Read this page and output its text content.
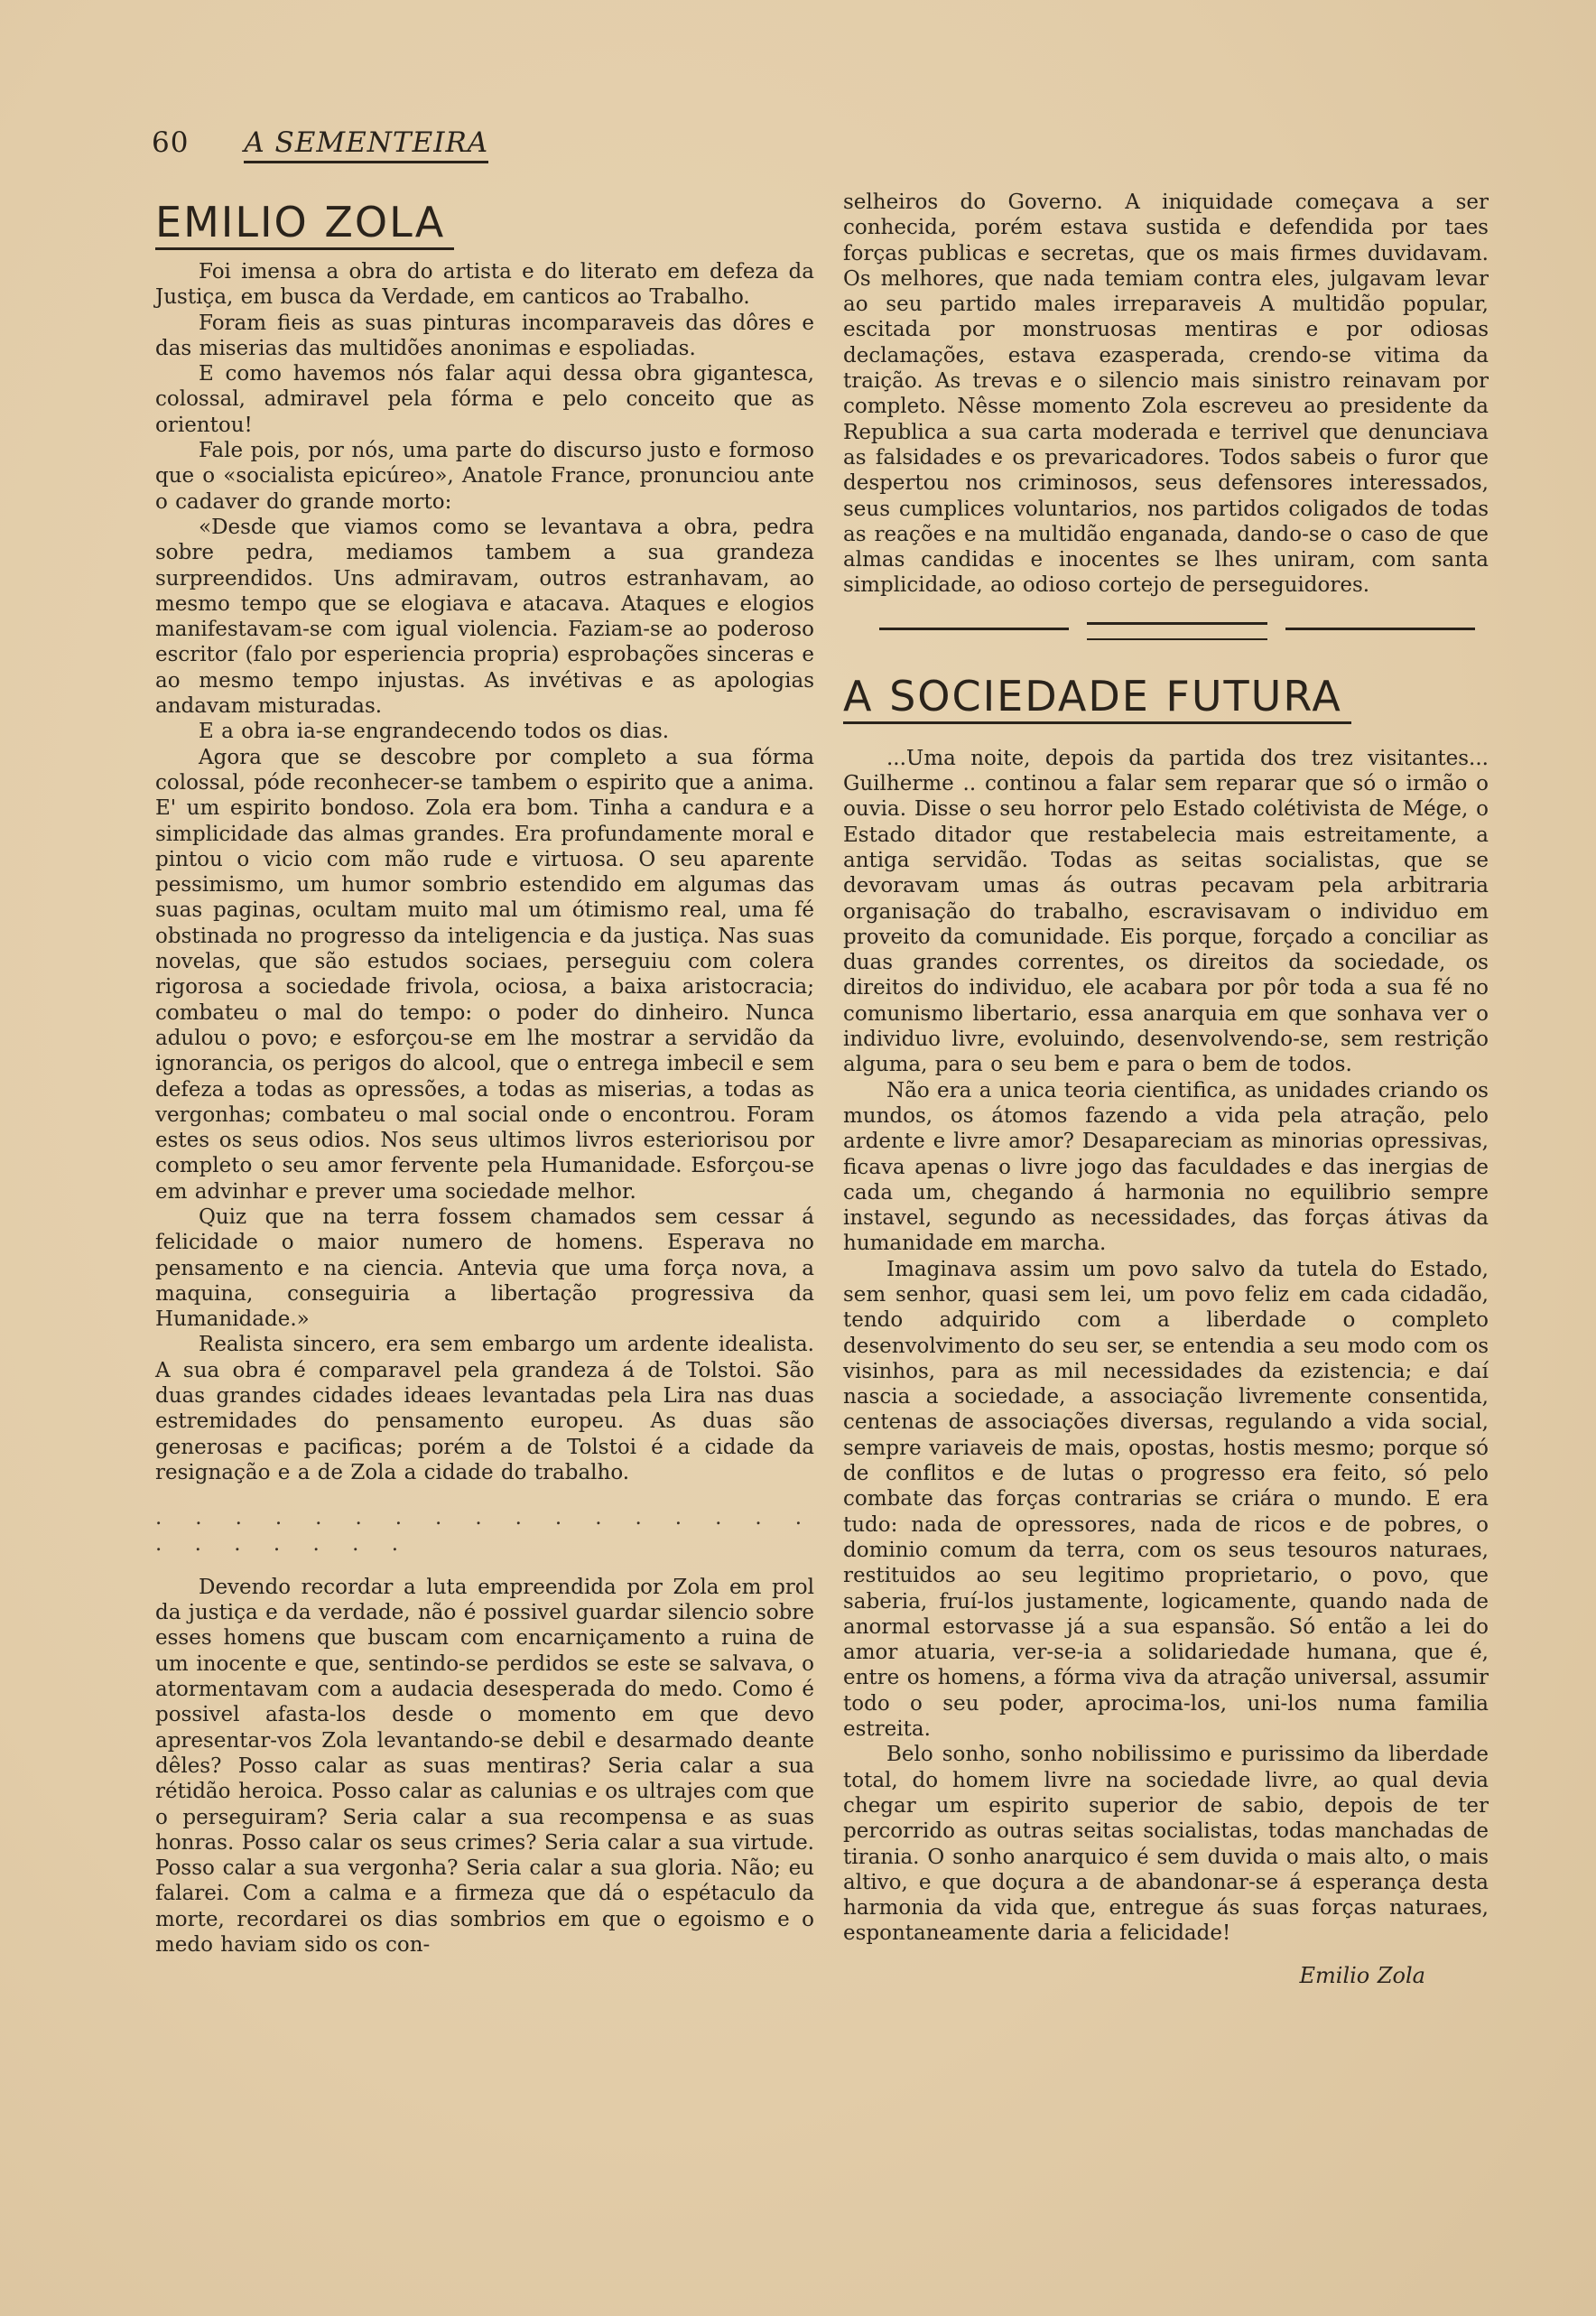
60 A SEMENTEIRA
EMILIO ZOLA

Foi imensa a obra do artista e do literato em defeza da Justiça, em busca da Verdade, em canticos ao Trabalho.

Foram fieis as suas pinturas incomparaveis das dôres e das miserias das multidões anonimas e espoliadas.

E como havemos nós falar aqui dessa obra gigantesca, colossal, admiravel pela fórma e pelo conceito que as orientou!

Fale pois, por nós, uma parte do discurso justo e formoso que o «socialista epicúreo», Anatole France, pronunciou ante o cadaver do grande morto:

«Desde que viamos como se levantava a obra, pedra sobre pedra, mediamos tambem a sua grandeza surpreendidos. Uns admiravam, outros estranhavam, ao mesmo tempo que se elogiava e atacava. Ataques e elogios manifestavam-se com igual violencia. Faziam-se ao poderoso escritor (falo por esperiencia propria) esprobações sinceras e ao mesmo tempo injustas. As invétivas e as apologias andavam misturadas.

E a obra ia-se engrandecendo todos os dias.

Agora que se descobre por completo a sua fórma colossal, póde reconhecer-se tambem o espirito que a anima. E' um espirito bondoso. Zola era bom. Tinha a candura e a simplicidade das almas grandes. Era profundamente moral e pintou o vicio com mão rude e virtuosa. O seu aparente pessimismo, um humor sombrio estendido em algumas das suas paginas, ocultam muito mal um ótimismo real, uma fé obstinada no progresso da inteligencia e da justiça. Nas suas novelas, que são estudos sociaes, perseguiu com colera rigorosa a sociedade frivola, ociosa, a baixa aristocracia; combateu o mal do tempo: o poder do dinheiro. Nunca adulou o povo; e esforçou-se em lhe mostrar a servidão da ignorancia, os perigos do alcool, que o entrega imbecil e sem defeza a todas as opressões, a todas as miserias, a todas as vergonhas; combateu o mal social onde o encontrou. Foram estes os seus odios. Nos seus ultimos livros esteriorisou por completo o seu amor fervente pela Humanidade. Esforçou-se em advinhar e prever uma sociedade melhor.

Quiz que na terra fossem chamados sem cessar á felicidade o maior numero de homens. Esperava no pensamento e na ciencia. Antevia que uma força nova, a maquina, conseguiria a libertação progressiva da Humanidade.»

Realista sincero, era sem embargo um ardente idealista. A sua obra é comparavel pela grandeza á de Tolstoi. São duas grandes cidades ideaes levantadas pela Lira nas duas estremidades do pensamento europeu. As duas são generosas e pacificas; porém a de Tolstoi é a cidade da resignação e a de Zola a cidade do trabalho.

. . . . . . . . . . . . . . . . . . . . . . . .

Devendo recordar a luta empreendida por Zola em prol da justiça e da verdade, não é possivel guardar silencio sobre esses homens que buscam com encarniçamento a ruina de um inocente e que, sentindo-se perdidos se este se salvava, o atormentavam com a audacia desesperada do medo. Como é possivel afasta-los desde o momento em que devo apresentar-vos Zola levantando-se debil e desarmado deante dêles? Posso calar as suas mentiras? Seria calar a sua rétidão heroica. Posso calar as calunias e os ultrajes com que o perseguiram? Seria calar a sua recompensa e as suas honras. Posso calar os seus crimes? Seria calar a sua virtude. Posso calar a sua vergonha? Seria calar a sua gloria. Não; eu falarei. Com a calma e a firmeza que dá o espétaculo da morte, recordarei os dias sombrios em que o egoismo e o medo haviam sido os con-

selheiros do Governo. A iniquidade começava a ser conhecida, porém estava sustida e defendida por taes forças publicas e secretas, que os mais firmes duvidavam. Os melhores, que nada temiam contra eles, julgavam levar ao seu partido males irreparaveis A multidão popular, escitada por monstruosas mentiras e por odiosas declamações, estava ezasperada, crendo-se vitima da traição. As trevas e o silencio mais sinistro reinavam por completo. Nêsse momento Zola escreveu ao presidente da Republica a sua carta moderada e terrivel que denunciava as falsidades e os prevaricadores. Todos sabeis o furor que despertou nos criminosos, seus defensores interessados, seus cumplices voluntarios, nos partidos coligados de todas as reações e na multidão enganada, dando-se o caso de que almas candidas e inocentes se lhes uniram, com santa simplicidade, ao odioso cortejo de perseguidores.

A SOCIEDADE FUTURA

...Uma noite, depois da partida dos trez visitantes... Guilherme .. continou a falar sem reparar que só o irmão o ouvia. Disse o seu horror pelo Estado colétivista de Mége, o Estado ditador que restabelecia mais estreitamente, a antiga servidão. Todas as seitas socialistas, que se devoravam umas ás outras pecavam pela arbitraria organisação do trabalho, escravisavam o individuo em proveito da comunidade. Eis porque, forçado a conciliar as duas grandes correntes, os direitos da sociedade, os direitos do individuo, ele acabara por pôr toda a sua fé no comunismo libertario, essa anarquia em que sonhava ver o individuo livre, evoluindo, desenvolvendo-se, sem restrição alguma, para o seu bem e para o bem de todos.

Não era a unica teoria cientifica, as unidades criando os mundos, os átomos fazendo a vida pela atração, pelo ardente e livre amor? Desapareciam as minorias opressivas, ficava apenas o livre jogo das faculdades e das inergias de cada um, chegando á harmonia no equilibrio sempre instavel, segundo as necessidades, das forças átivas da humanidade em marcha.

Imaginava assim um povo salvo da tutela do Estado, sem senhor, quasi sem lei, um povo feliz em cada cidadão, tendo adquirido com a liberdade o completo desenvolvimento do seu ser, se entendia a seu modo com os visinhos, para as mil necessidades da ezistencia; e daí nascia a sociedade, a associação livremente consentida, centenas de associações diversas, regulando a vida social, sempre variaveis de mais, opostas, hostis mesmo; porque só de conflitos e de lutas o progresso era feito, só pelo combate das forças contrarias se criára o mundo. E era tudo: nada de opressores, nada de ricos e de pobres, o dominio comum da terra, com os seus tesouros naturaes, restituidos ao seu legitimo proprietario, o povo, que saberia, fruí-los justamente, logicamente, quando nada de anormal estorvasse já a sua espansão. Só então a lei do amor atuaria, ver-se-ia a solidariedade humana, que é, entre os homens, a fórma viva da atração universal, assumir todo o seu poder, aprocima-los, uni-los numa familia estreita.

Belo sonho, sonho nobilissimo e purissimo da liberdade total, do homem livre na sociedade livre, ao qual devia chegar um espirito superior de sabio, depois de ter percorrido as outras seitas socialistas, todas manchadas de tirania. O sonho anarquico é sem duvida o mais alto, o mais altivo, e que doçura a de abandonar-se á esperança desta harmonia da vida que, entregue ás suas forças naturaes, espontaneamente daria a felicidade!

Emilio Zola
